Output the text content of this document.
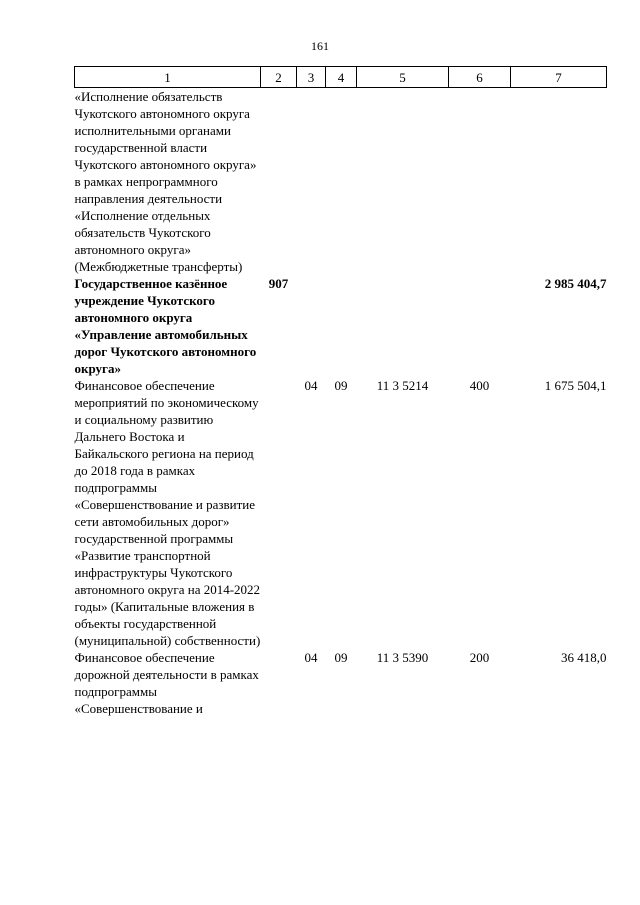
161
1	2	3	4	5	6	7
«Исполнение обязательств Чукотского автономного округа исполнительными органами государственной власти Чукотского автономного округа» в рамках непрограммного направления деятельности «Исполнение отдельных обязательств Чукотского автономного округа» (Межбюджетные трансферты)						
Государственное казённое учреждение Чукотского автономного округа «Управление автомобильных дорог Чукотского автономного округа»	907					2 985 404,7
Финансовое обеспечение мероприятий по экономическому и социальному развитию Дальнего Востока и Байкальского региона на период до 2018 года в рамках подпрограммы «Совершенствование и развитие сети автомобильных дорог» государственной программы «Развитие транспортной инфраструктуры Чукотского автономного округа на 2014-2022 годы» (Капитальные вложения в объекты государственной (муниципальной) собственности)		04	09	11 3 5214	400	1 675 504,1
Финансовое обеспечение дорожной деятельности в рамках подпрограммы «Совершенствование и		04	09	11 3 5390	200	36 418,0
